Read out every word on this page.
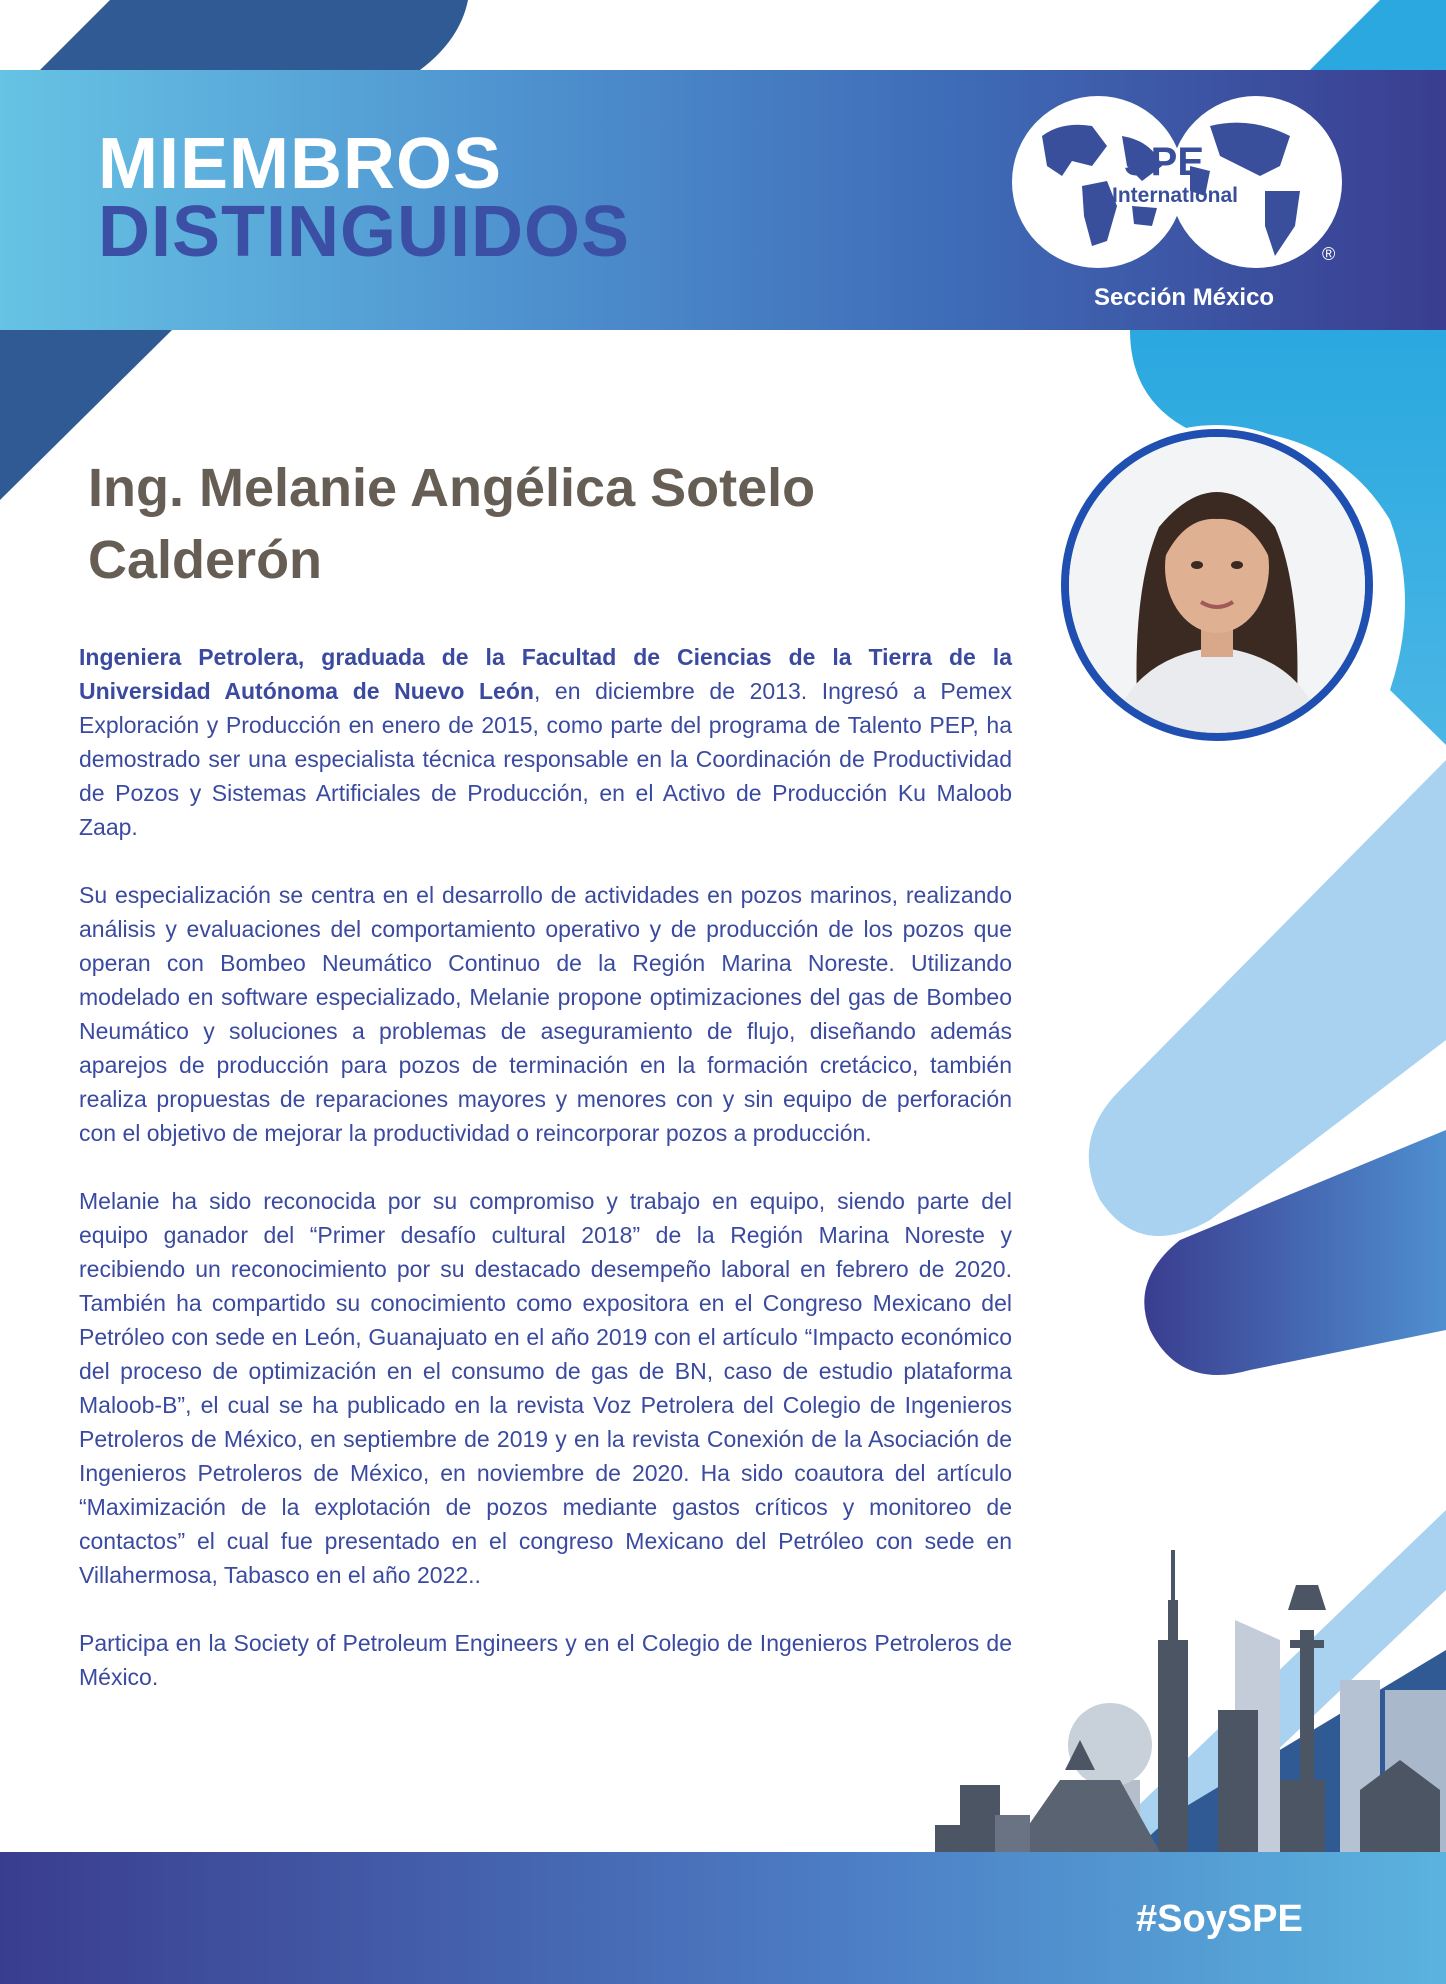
MIEMBROS
DISTINGUIDOS
SPE
International
®
Sección México
Ing. Melanie Angélica Sotelo Calderón

Ingeniera Petrolera, graduada de la Facultad de Ciencias de la Tierra de la Universidad Autónoma de Nuevo León, en diciembre de 2013. Ingresó a Pemex Exploración y Producción en enero de 2015, como parte del programa de Talento PEP, ha demostrado ser una especialista técnica responsable en la Coordinación de Productividad de Pozos y Sistemas Artificiales de Producción, en el Activo de Producción Ku Maloob Zaap.

Su especialización se centra en el desarrollo de actividades en pozos marinos, realizando análisis y evaluaciones del comportamiento operativo y de producción de los pozos que operan con Bombeo Neumático Continuo de la Región Marina Noreste. Utilizando modelado en software especializado, Melanie propone optimizaciones del gas de Bombeo Neumático y soluciones a problemas de aseguramiento de flujo, diseñando además aparejos de producción para pozos de terminación en la formación cretácico, también realiza propuestas de reparaciones mayores y menores con y sin equipo de perforación con el objetivo de mejorar la productividad o reincorporar pozos a producción.

Melanie ha sido reconocida por su compromiso y trabajo en equipo, siendo parte del equipo ganador del “Primer desafío cultural 2018” de la Región Marina Noreste y recibiendo un reconocimiento por su destacado desempeño laboral en febrero de 2020. También ha compartido su conocimiento como expositora en el Congreso Mexicano del Petróleo con sede en León, Guanajuato en el año 2019 con el artículo “Impacto económico del proceso de optimización en el consumo de gas de BN, caso de estudio plataforma Maloob-B”, el cual se ha publicado en la revista Voz Petrolera del Colegio de Ingenieros Petroleros de México, en septiembre de 2019 y en la revista Conexión de la Asociación de Ingenieros Petroleros de México, en noviembre de 2020. Ha sido coautora del artículo “Maximización de la explotación de pozos mediante gastos críticos y monitoreo de contactos” el cual fue presentado en el congreso Mexicano del Petróleo con sede en Villahermosa, Tabasco en el año 2022..

Participa en la Society of Petroleum Engineers y en el Colegio de Ingenieros Petroleros de México.

#SoySPE
